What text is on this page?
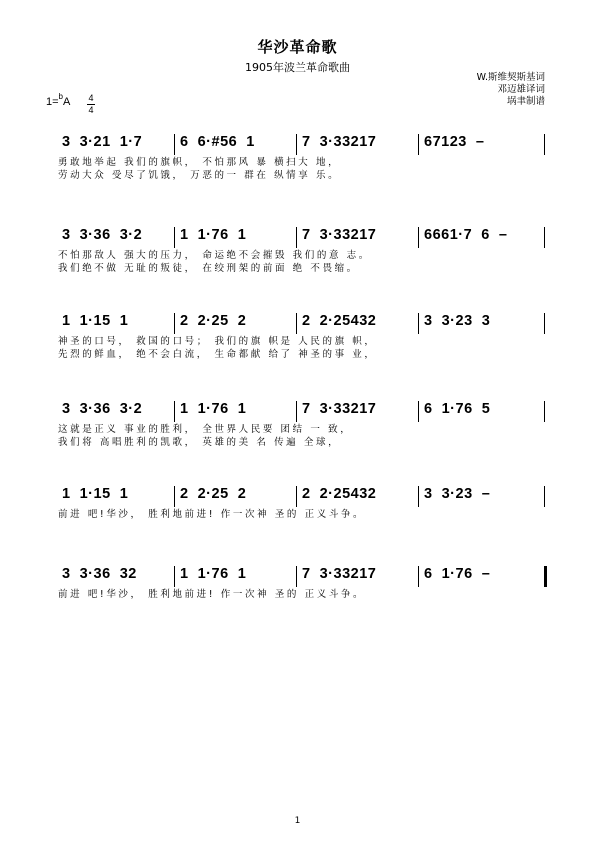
华沙革命歌
1905年波兰革命歌曲
W.斯维契斯基词
邓迈雄译词
埚聿制谱
1=$^b$A 4
4
3  3·21  1·7	6  6·#56  1	7  3·33217	67123  –
勇敢地举起 我们的旗帜， 不怕那风 暴 横扫大 地，
劳动大众 受尽了饥饿， 万恶的一 群在 纵情享 乐。
3  3·36  3·2	1  1·76  1	7  3·33217	6661·7  6  –
不怕那敌人 强大的压力， 命运绝不会摧毁 我们的意 志。
我们绝不做 无耻的叛徒， 在绞刑架的前面 绝 不畏缩。
1  1·15  1	2  2·25  2	2  2·25432	3  3·23  3
神圣的口号， 救国的口号； 我们的旗 帜是 人民的旗 帜，
先烈的鲜血， 绝不会白流， 生命都献 给了 神圣的事 业，
3  3·36  3·2	1  1·76  1	7  3·33217	6  1·76  5
这就是正义 事业的胜利， 全世界人民要 团结 一 致，
我们将 高唱胜利的凯歌， 英雄的美 名 传遍 全球，
1  1·15  1	2  2·25  2	2  2·25432	3  3·23  –
前进 吧!华沙， 胜利地前进! 作一次神 圣的 正义斗争。
3  3·36  32	1  1·76  1	7  3·33217	6  1·76  –
前进 吧!华沙， 胜利地前进! 作一次神 圣的 正义斗争。
1
